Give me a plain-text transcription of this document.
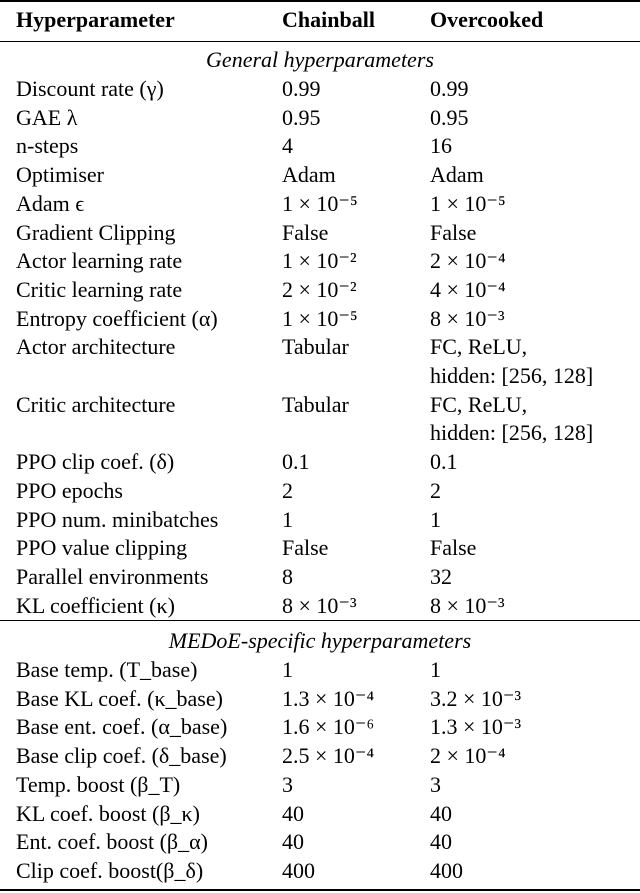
Hyperparameter	Chainball	Overcooked
General hyperparameters
Discount rate (γ)	0.99	0.99
GAE λ	0.95	0.95
n-steps	4	16
Optimiser	Adam	Adam
Adam ϵ	1 × 10⁻⁵	1 × 10⁻⁵
Gradient Clipping	False	False
Actor learning rate	1 × 10⁻²	2 × 10⁻⁴
Critic learning rate	2 × 10⁻²	4 × 10⁻⁴
Entropy coefficient (α)	1 × 10⁻⁵	8 × 10⁻³
Actor architecture	Tabular	FC, ReLU,
hidden: [256, 128]
Critic architecture	Tabular	FC, ReLU,
hidden: [256, 128]
PPO clip coef. (δ)	0.1	0.1
PPO epochs	2	2
PPO num. minibatches	1	1
PPO value clipping	False	False
Parallel environments	8	32
KL coefficient (κ)	8 × 10⁻³	8 × 10⁻³
MEDoE-specific hyperparameters
Base temp. (T_base)	1	1
Base KL coef. (κ_base)	1.3 × 10⁻⁴	3.2 × 10⁻³
Base ent. coef. (α_base) 1.6 × 10⁻⁶	1.3 × 10⁻³
Base clip coef. (δ_base)	2.5 × 10⁻⁴	2 × 10⁻⁴
Temp. boost (β_T)	3	3
KL coef. boost (β_κ)	40	40
Ent. coef. boost (β_α)	40	40
Clip coef. boost(β_δ)	400	400
